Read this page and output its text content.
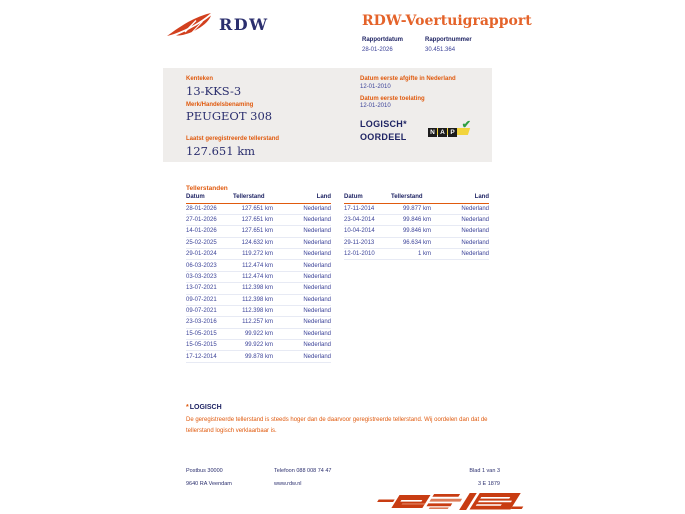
RDW	RDW-Voertuigrapport
Rapportdatum
28-01-2026
Rapportnummer
30.451.364
Kenteken
13-KKS-3
Merk/Handelsbenaming
PEUGEOT 308
Laatst geregistreerde tellerstand
127.651 km
Datum eerste afgifte in Nederland
12-01-2010
Datum eerste toelating
12-01-2010
LOGISCH*
OORDEEL	N A P
✔
Tellerstanden
Datum	Tellerstand	Land
28-01-2026	127.651 km	Nederland
27-01-2026	127.651 km	Nederland
14-01-2026	127.651 km	Nederland
25-02-2025	124.632 km	Nederland
29-01-2024	119.272 km	Nederland
06-03-2023	112.474 km	Nederland
03-03-2023	112.474 km	Nederland
13-07-2021	112.398 km	Nederland
09-07-2021	112.398 km	Nederland
09-07-2021	112.398 km	Nederland
23-03-2016	112.257 km	Nederland
15-05-2015	99.922 km	Nederland
15-05-2015	99.922 km	Nederland
17-12-2014	99.878 km	Nederland
Datum	Tellerstand	Land
17-11-2014	99.877 km	Nederland
23-04-2014	99.846 km	Nederland
10-04-2014	99.846 km	Nederland
29-11-2013	96.634 km	Nederland
12-01-2010	1 km	Nederland
*LOGISCH
De geregistreerde tellerstand is steeds hoger dan de daarvoor geregistreerde tellerstand. Wij oordelen dan dat de tellerstand logisch verklaarbaar is.
Postbus 30000
9640 RA Veendam
Telefoon 088 008 74 47
www.rdw.nl
Blad 1 van 3
3 E 1879
